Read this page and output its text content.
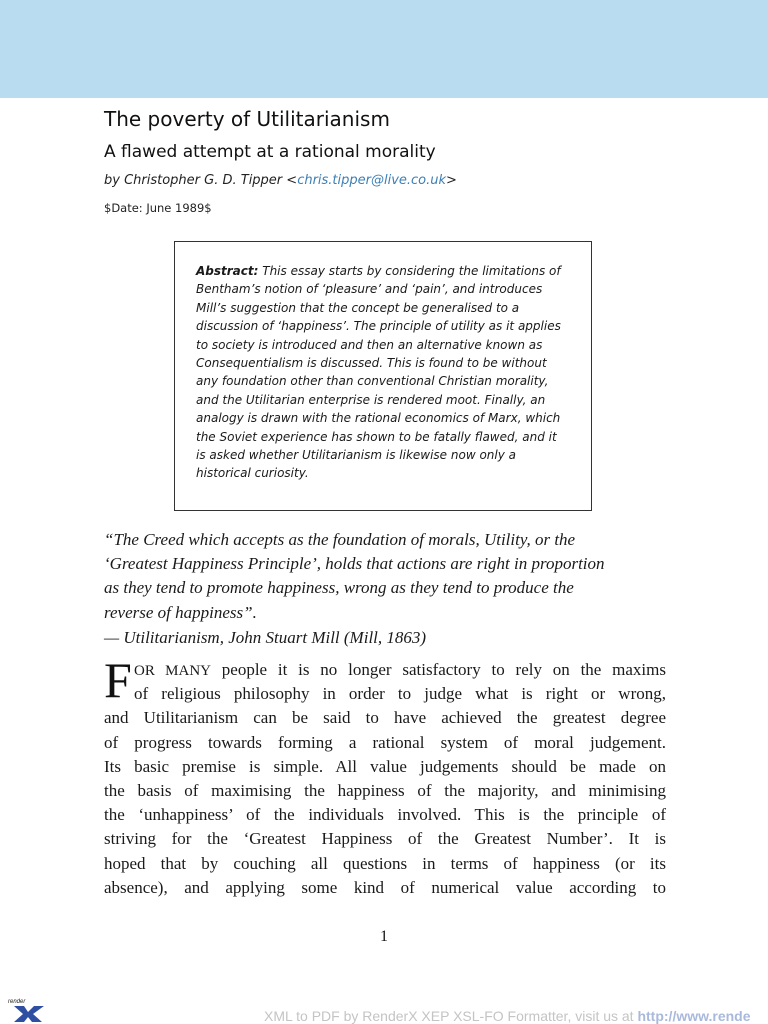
The poverty of Utilitarianism
A flawed attempt at a rational morality
by Christopher G. D. Tipper <chris.tipper@live.co.uk>
$Date: June 1989$
Abstract: This essay starts by considering the limitations of
Bentham’s notion of ‘pleasure’ and ‘pain’, and introduces
Mill’s suggestion that the concept be generalised to a
discussion of ‘happiness’. The principle of utility as it applies
to society is introduced and then an alternative known as
Consequentialism is discussed. This is found to be without
any foundation other than conventional Christian morality,
and the Utilitarian enterprise is rendered moot. Finally, an
analogy is drawn with the rational economics of Marx, which
the Soviet experience has shown to be fatally flawed, and it
is asked whether Utilitarianism is likewise now only a
historical curiosity.
“The Creed which accepts as the foundation of morals, Utility, or the
‘Greatest Happiness Principle’, holds that actions are right in proportion
as they tend to promote happiness, wrong as they tend to produce the
reverse of happiness”.
— Utilitarianism, John Stuart Mill (Mill, 1863)
F OR MANY people it is no longer satisfactory to rely on the maxims
of religious philosophy in order to judge what is right or wrong,
and Utilitarianism can be said to have achieved the greatest degree
of progress towards forming a rational system of moral judgement.
Its basic premise is simple. All value judgements should be made on
the basis of maximising the happiness of the majority, and minimising
the ‘unhappiness’ of the individuals involved. This is the principle of
striving for the ‘Greatest Happiness of the Greatest Number’. It is
hoped that by couching all questions in terms of happiness (or its
absence), and applying some kind of numerical value according to
1
render
XML to PDF by RenderX XEP XSL-FO Formatter, visit us at http://www.rende
